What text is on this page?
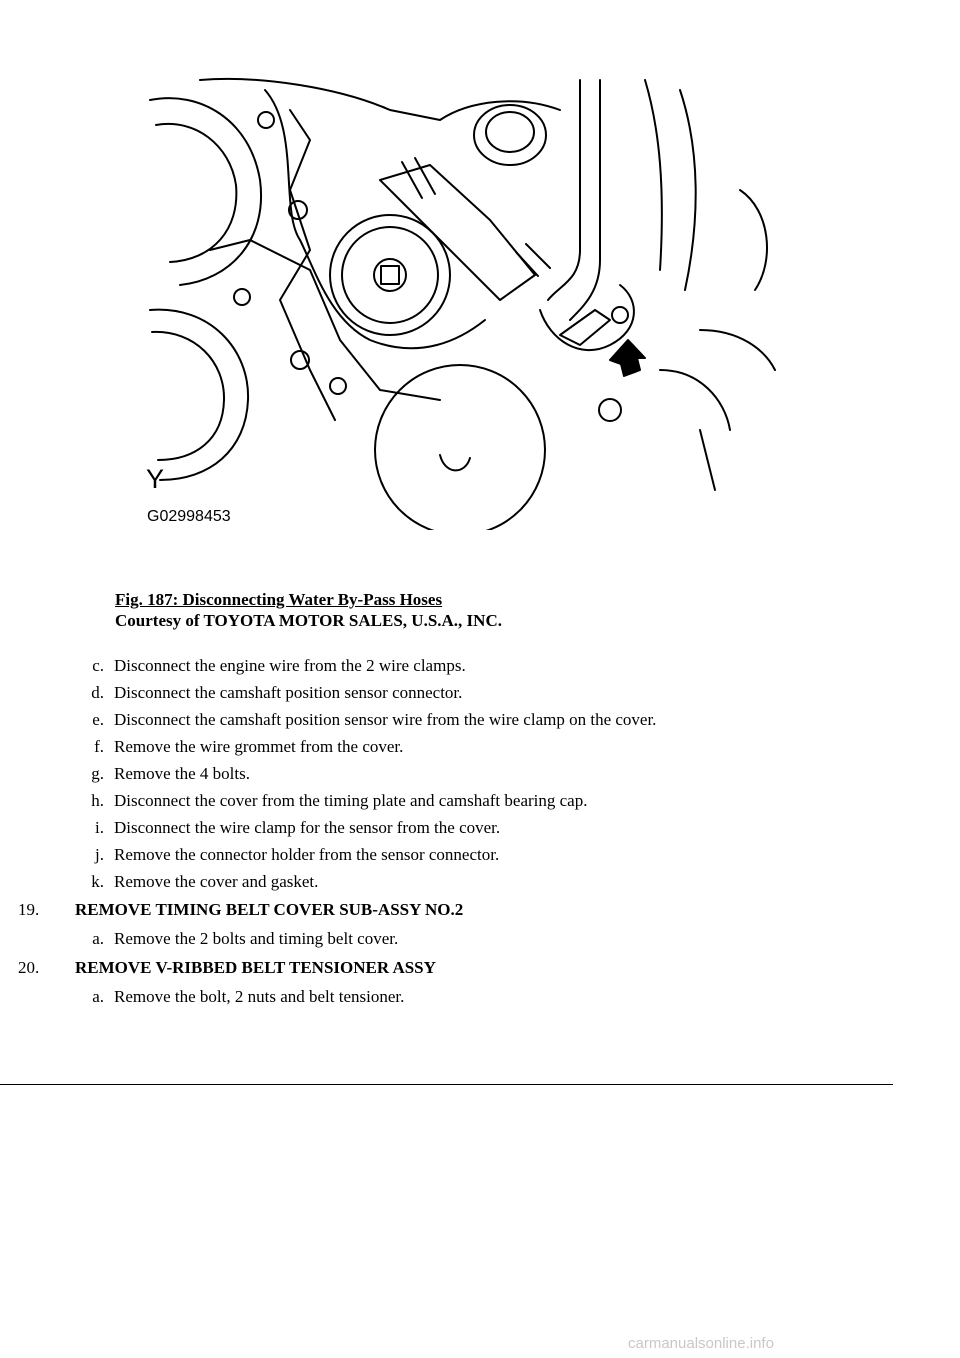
Y
G02998453
Fig. 187: Disconnecting Water By-Pass Hoses
Courtesy of TOYOTA MOTOR SALES, U.S.A., INC.
c. Disconnect the engine wire from the 2 wire clamps.
d. Disconnect the camshaft position sensor connector.
e. Disconnect the camshaft position sensor wire from the wire clamp on the cover.
f. Remove the wire grommet from the cover.
g. Remove the 4 bolts.
h. Disconnect the cover from the timing plate and camshaft bearing cap.
i. Disconnect the wire clamp for the sensor from the cover.
j. Remove the connector holder from the sensor connector.
k. Remove the cover and gasket.
19. REMOVE TIMING BELT COVER SUB-ASSY NO.2
a. Remove the 2 bolts and timing belt cover.
20. REMOVE V-RIBBED BELT TENSIONER ASSY
a. Remove the bolt, 2 nuts and belt tensioner.
carmanualsonline.info
